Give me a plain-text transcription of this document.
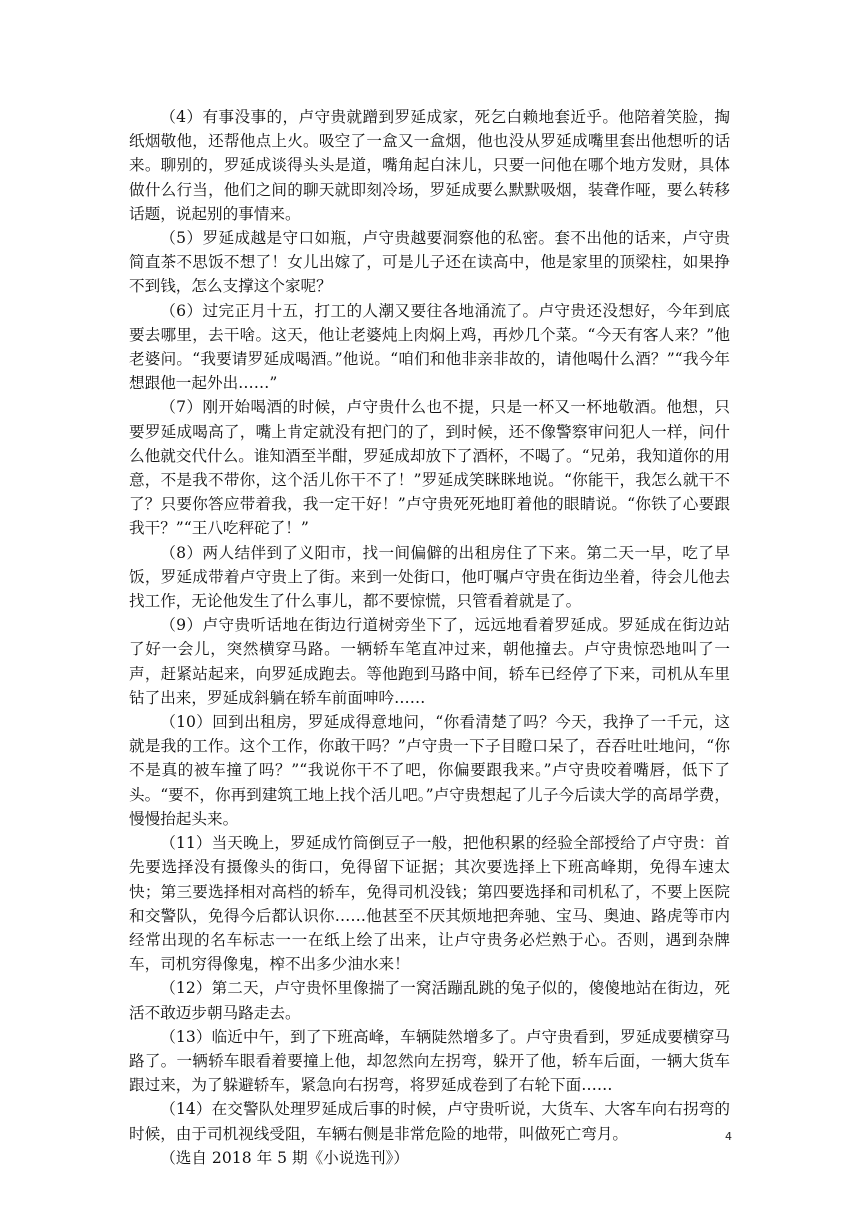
（4）有事没事的，卢守贵就蹭到罗延成家，死乞白赖地套近乎。他陪着笑脸，掏纸烟敬他，还帮他点上火。吸空了一盒又一盒烟，他也没从罗延成嘴里套出他想听的话来。聊别的，罗延成谈得头头是道，嘴角起白沫儿，只要一问他在哪个地方发财，具体做什么行当，他们之间的聊天就即刻冷场，罗延成要么默默吸烟，装聋作哑，要么转移话题，说起别的事情来。

（5）罗延成越是守口如瓶，卢守贵越要洞察他的私密。套不出他的话来，卢守贵简直茶不思饭不想了！女儿出嫁了，可是儿子还在读高中，他是家里的顶梁柱，如果挣不到钱，怎么支撑这个家呢？

（6）过完正月十五，打工的人潮又要往各地涌流了。卢守贵还没想好，今年到底要去哪里，去干啥。这天，他让老婆炖上肉焖上鸡，再炒几个菜。“今天有客人来？”他老婆问。“我要请罗延成喝酒。”他说。“咱们和他非亲非故的，请他喝什么酒？”“我今年想跟他一起外出……”

（7）刚开始喝酒的时候，卢守贵什么也不提，只是一杯又一杯地敬酒。他想，只要罗延成喝高了，嘴上肯定就没有把门的了，到时候，还不像警察审问犯人一样，问什么他就交代什么。谁知酒至半酣，罗延成却放下了酒杯，不喝了。“兄弟，我知道你的用意，不是我不带你，这个活儿你干不了！”罗延成笑眯眯地说。“你能干，我怎么就干不了？只要你答应带着我，我一定干好！”卢守贵死死地盯着他的眼睛说。“你铁了心要跟我干？”“王八吃秤砣了！”

（8）两人结伴到了义阳市，找一间偏僻的出租房住了下来。第二天一早，吃了早饭，罗延成带着卢守贵上了街。来到一处街口，他叮嘱卢守贵在街边坐着，待会儿他去找工作，无论他发生了什么事儿，都不要惊慌，只管看着就是了。

（9）卢守贵听话地在街边行道树旁坐下了，远远地看着罗延成。罗延成在街边站了好一会儿，突然横穿马路。一辆轿车笔直冲过来，朝他撞去。卢守贵惊恐地叫了一声，赶紧站起来，向罗延成跑去。等他跑到马路中间，轿车已经停了下来，司机从车里钻了出来，罗延成斜躺在轿车前面呻吟……

（10）回到出租房，罗延成得意地问，“你看清楚了吗？今天，我挣了一千元，这就是我的工作。这个工作，你敢干吗？”卢守贵一下子目瞪口呆了，吞吞吐吐地问，“你不是真的被车撞了吗？”“我说你干不了吧，你偏要跟我来。”卢守贵咬着嘴唇，低下了头。“要不，你再到建筑工地上找个活儿吧。”卢守贵想起了儿子今后读大学的高昂学费，慢慢抬起头来。

（11）当天晚上，罗延成竹筒倒豆子一般，把他积累的经验全部授给了卢守贵：首先要选择没有摄像头的街口，免得留下证据；其次要选择上下班高峰期，免得车速太快；第三要选择相对高档的轿车，免得司机没钱；第四要选择和司机私了，不要上医院和交警队，免得今后都认识你……他甚至不厌其烦地把奔驰、宝马、奥迪、路虎等市内经常出现的名车标志一一在纸上绘了出来，让卢守贵务必烂熟于心。否则，遇到杂牌车，司机穷得像鬼，榨不出多少油水来！

（12）第二天，卢守贵怀里像揣了一窝活蹦乱跳的兔子似的，傻傻地站在街边，死活不敢迈步朝马路走去。

（13）临近中午，到了下班高峰，车辆陡然增多了。卢守贵看到，罗延成要横穿马路了。一辆轿车眼看着要撞上他，却忽然向左拐弯，躲开了他，轿车后面，一辆大货车跟过来，为了躲避轿车，紧急向右拐弯，将罗延成卷到了右轮下面……

（14）在交警队处理罗延成后事的时候，卢守贵听说，大货车、大客车向右拐弯的时候，由于司机视线受阻，车辆右侧是非常危险的地带，叫做死亡弯月。

（选自 2018 年 5 期《小说选刊》）

4
